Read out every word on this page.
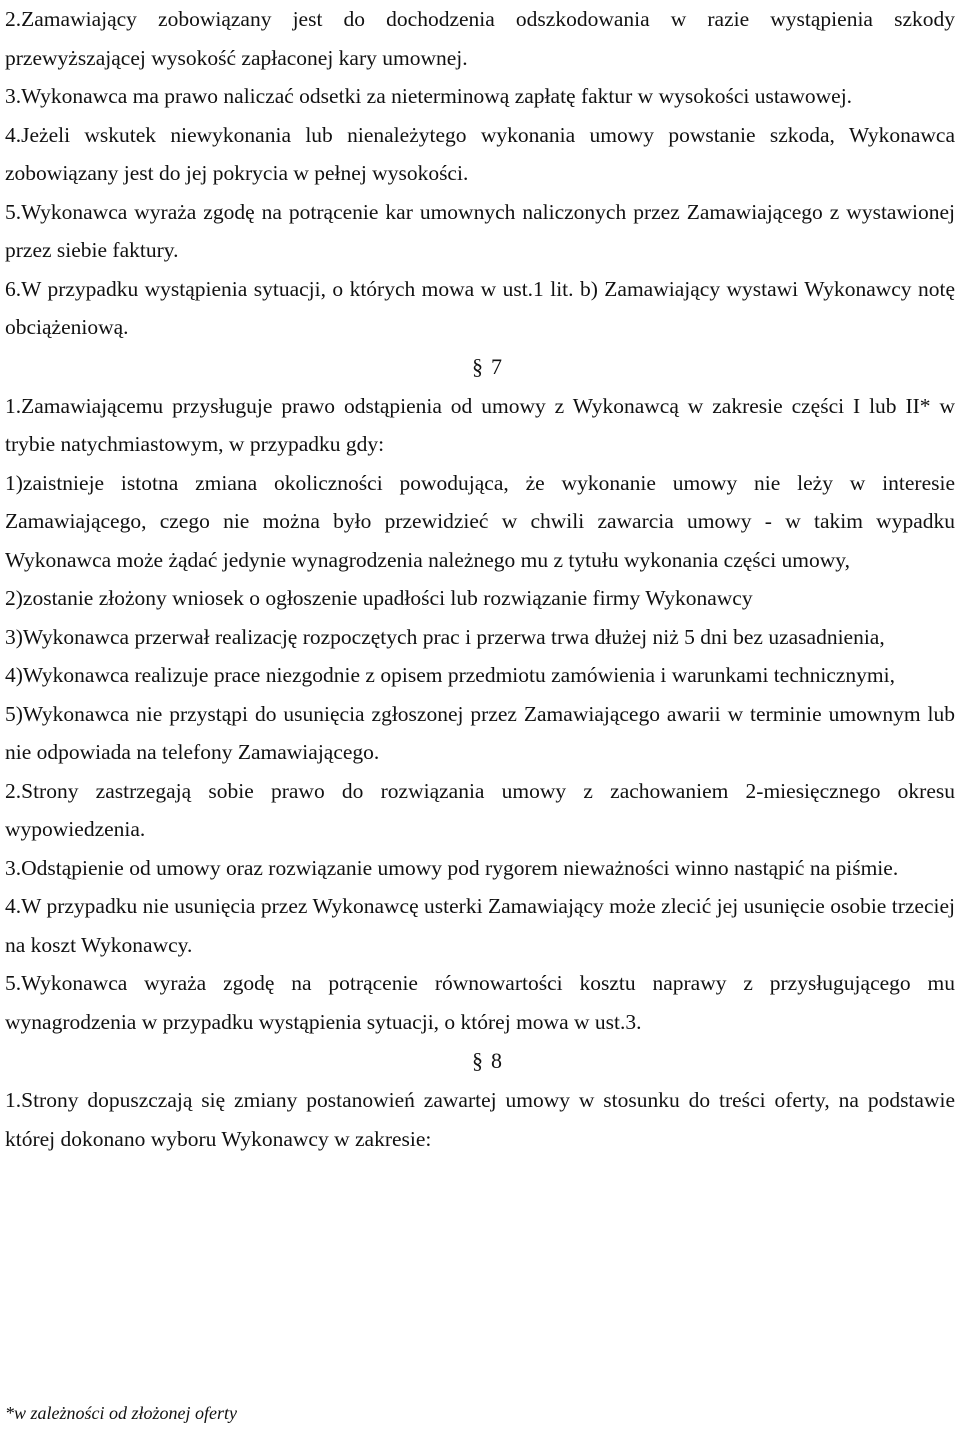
2.Zamawiający zobowiązany jest do dochodzenia odszkodowania w razie wystąpienia szkody przewyższającej wysokość zapłaconej kary umownej.

3.Wykonawca ma prawo naliczać odsetki za nieterminową zapłatę faktur w wysokości ustawowej.

4.Jeżeli wskutek niewykonania lub nienależytego wykonania umowy powstanie szkoda, Wykonawca zobowiązany jest do jej pokrycia w pełnej wysokości.

5.Wykonawca wyraża zgodę na potrącenie kar umownych naliczonych przez Zamawiającego z wystawionej przez siebie faktury.

6.W przypadku wystąpienia sytuacji, o których mowa w ust.1 lit. b) Zamawiający wystawi Wykonawcy notę obciążeniową.

§ 7

1.Zamawiającemu przysługuje prawo odstąpienia od umowy z Wykonawcą w zakresie części I lub II* w trybie natychmiastowym, w przypadku gdy:

1)zaistnieje istotna zmiana okoliczności powodująca, że wykonanie umowy nie leży w interesie Zamawiającego, czego nie można było przewidzieć w chwili zawarcia umowy - w takim wypadku Wykonawca może żądać jedynie wynagrodzenia należnego mu z tytułu wykonania części umowy,

2)zostanie złożony wniosek o ogłoszenie upadłości lub rozwiązanie firmy Wykonawcy

3)Wykonawca przerwał realizację rozpoczętych prac i przerwa trwa dłużej niż 5 dni bez uzasadnienia,

4)Wykonawca realizuje prace niezgodnie z opisem przedmiotu zamówienia i warunkami technicznymi,

5)Wykonawca nie przystąpi do usunięcia zgłoszonej przez Zamawiającego awarii w terminie umownym lub nie odpowiada na telefony Zamawiającego.

2.Strony zastrzegają sobie prawo do rozwiązania umowy z zachowaniem 2-miesięcznego okresu wypowiedzenia.

3.Odstąpienie od umowy oraz rozwiązanie umowy pod rygorem nieważności winno nastąpić na piśmie.

4.W przypadku nie usunięcia przez Wykonawcę usterki Zamawiający może zlecić jej usunięcie osobie trzeciej na koszt Wykonawcy.

5.Wykonawca wyraża zgodę na potrącenie równowartości kosztu naprawy z przysługującego mu wynagrodzenia w przypadku wystąpienia sytuacji, o której mowa w ust.3.

§ 8

1.Strony dopuszczają się zmiany postanowień zawartej umowy w stosunku do treści oferty, na podstawie której dokonano wyboru Wykonawcy w zakresie:

*w zależności od złożonej oferty
